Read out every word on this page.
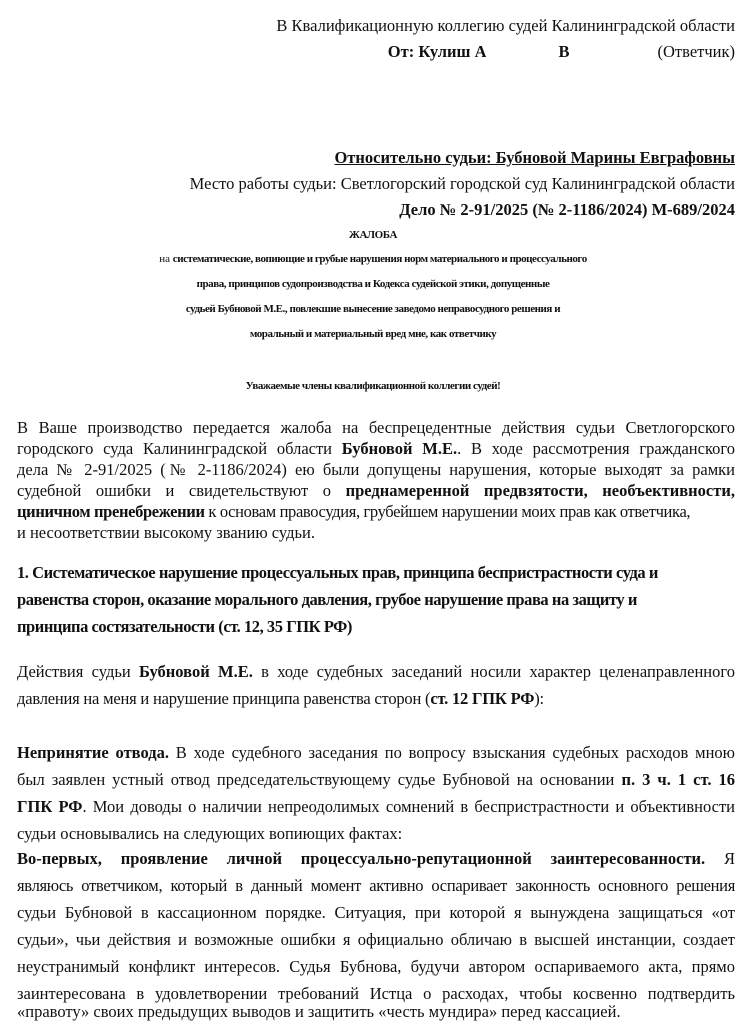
В Квалификационную коллегию судей Калининградской области
От: Кулиш А	В	(Ответчик)
Относительно судьи: Бубновой Марины Евграфовны
Место работы судьи: Светлогорский городской суд Калининградской области
Дело № 2-91/2025 (№ 2-1186/2024) М-689/2024
ЖАЛОБА
на систематические, вопиющие и грубые нарушения норм материального и процессуального
права, принципов судопроизводства и Кодекса судейской этики, допущенные
судьей Бубновой М.Е., повлекшие вынесение заведомо неправосудного решения и
моральный и материальный вред мне, как ответчику
Уважаемые члены квалификационной коллегии судей!
В Ваше производство передается жалоба на беспрецедентные действия судьи Светлогорского
городского суда Калининградской области Бубновой М.Е.. В ходе рассмотрения гражданского
дела № 2-91/2025 (№ 2-1186/2024) ею были допущены нарушения, которые выходят за рамки
судебной ошибки и свидетельствуют о преднамеренной предвзятости, необъективности,
циничном пренебрежении к основам правосудия, грубейшем нарушении моих прав как ответчика,
и несоответствии высокому званию судьи.
1. Систематическое нарушение процессуальных прав, принципа беспристрастности суда и
равенства сторон, оказание морального давления, грубое нарушение права на защиту и
принципа состязательности (ст. 12, 35 ГПК РФ)
Действия судьи Бубновой М.Е. в ходе судебных заседаний носили характер целенаправленного
давления на меня и нарушение принципа равенства сторон (ст. 12 ГПК РФ):
Непринятие отвода. В ходе судебного заседания по вопросу взыскания судебных расходов мною
был заявлен устный отвод председательствующему судье Бубновой на основании п. 3 ч. 1 ст. 16
ГПК РФ. Мои доводы о наличии непреодолимых сомнений в беспристрастности и объективности
судьи основывались на следующих вопиющих фактах:
Во-первых, проявление личной процессуально-репутационной заинтересованности. Я
являюсь ответчиком, который в данный момент активно оспаривает законность основного решения
судьи Бубновой в кассационном порядке. Ситуация, при которой я вынуждена защищаться «от
судьи», чьи действия и возможные ошибки я официально обличаю в высшей инстанции, создает
неустранимый конфликт интересов. Судья Бубнова, будучи автором оспариваемого акта, прямо
заинтересована в удовлетворении требований Истца о расходах, чтобы косвенно подтвердить
«правоту» своих предыдущих выводов и защитить «честь мундира» перед кассацией.
